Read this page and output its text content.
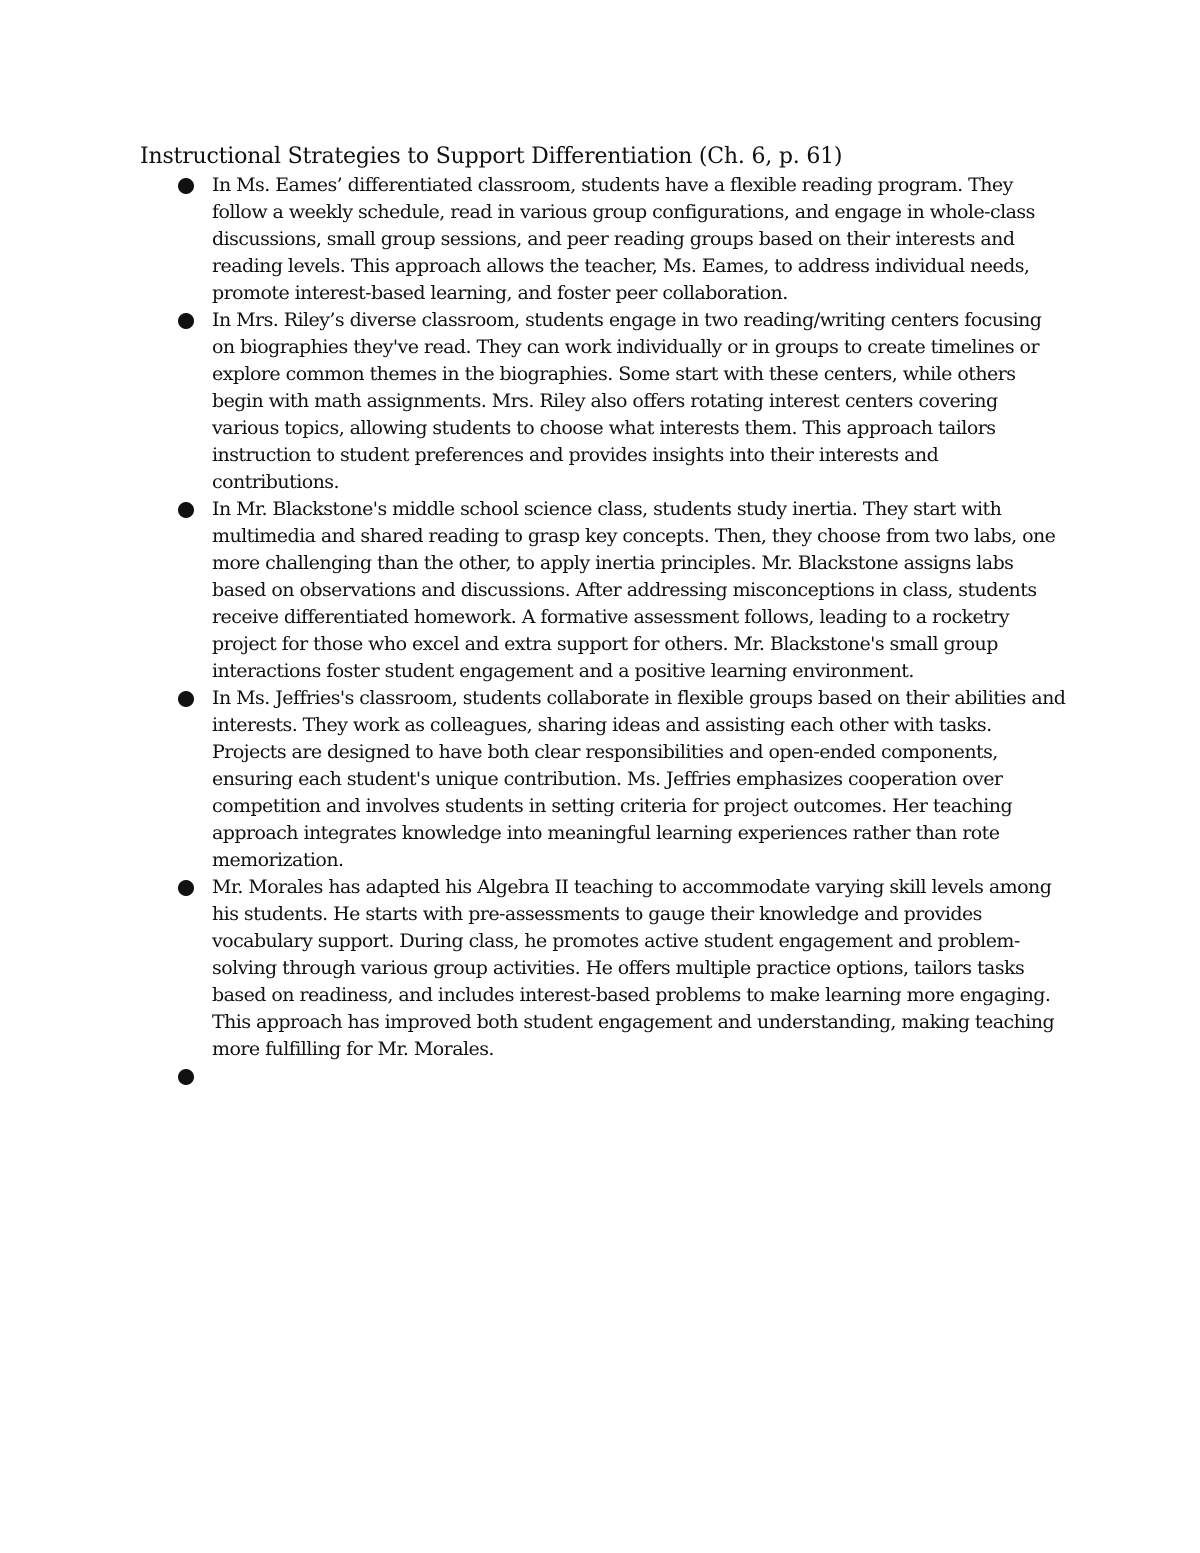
Instructional Strategies to Support Differentiation (Ch. 6, p. 61)
In Ms. Eames’ differentiated classroom, students have a flexible reading program. They follow a weekly schedule, read in various group configurations, and engage in whole-class discussions, small group sessions, and peer reading groups based on their interests and reading levels. This approach allows the teacher, Ms. Eames, to address individual needs, promote interest-based learning, and foster peer collaboration.
In Mrs. Riley’s diverse classroom, students engage in two reading/writing centers focusing on biographies they've read. They can work individually or in groups to create timelines or explore common themes in the biographies. Some start with these centers, while others begin with math assignments. Mrs. Riley also offers rotating interest centers covering various topics, allowing students to choose what interests them. This approach tailors instruction to student preferences and provides insights into their interests and contributions.
In Mr. Blackstone's middle school science class, students study inertia. They start with multimedia and shared reading to grasp key concepts. Then, they choose from two labs, one more challenging than the other, to apply inertia principles. Mr. Blackstone assigns labs based on observations and discussions. After addressing misconceptions in class, students receive differentiated homework. A formative assessment follows, leading to a rocketry project for those who excel and extra support for others. Mr. Blackstone's small group interactions foster student engagement and a positive learning environment.
In Ms. Jeffries's classroom, students collaborate in flexible groups based on their abilities and interests. They work as colleagues, sharing ideas and assisting each other with tasks. Projects are designed to have both clear responsibilities and open-ended components, ensuring each student's unique contribution. Ms. Jeffries emphasizes cooperation over competition and involves students in setting criteria for project outcomes. Her teaching approach integrates knowledge into meaningful learning experiences rather than rote memorization.
Mr. Morales has adapted his Algebra II teaching to accommodate varying skill levels among his students. He starts with pre-assessments to gauge their knowledge and provides vocabulary support. During class, he promotes active student engagement and problem-solving through various group activities. He offers multiple practice options, tailors tasks based on readiness, and includes interest-based problems to make learning more engaging. This approach has improved both student engagement and understanding, making teaching more fulfilling for Mr. Morales.
